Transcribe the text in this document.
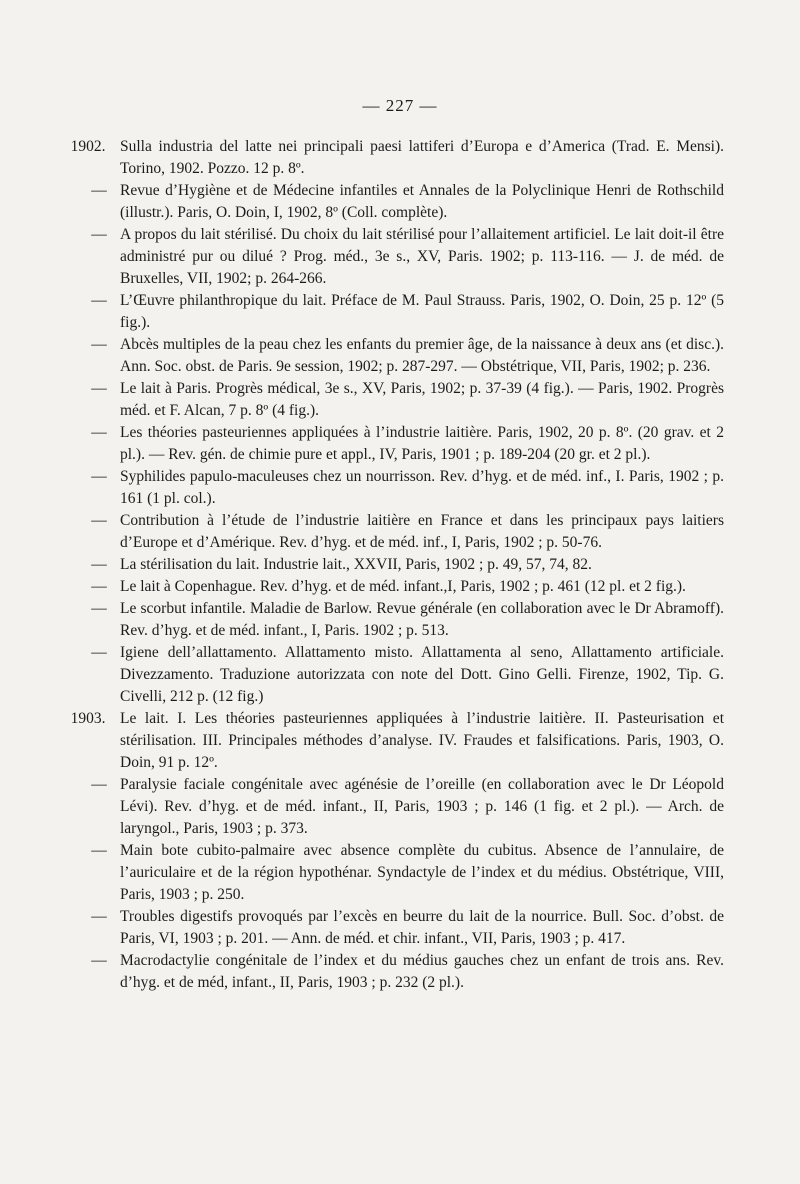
— 227 —
1902. Sulla industria del latte nei principali paesi lattiferi d’Europa e d’America (Trad. E. Mensi). Torino, 1902. Pozzo. 12 p. 8º.
— Revue d’Hygiène et de Médecine infantiles et Annales de la Polyclinique Henri de Rothschild (illustr.). Paris, O. Doin, I, 1902, 8º (Coll. complète).
— A propos du lait stérilisé. Du choix du lait stérilisé pour l’allaitement artificiel. Le lait doit-il être administré pur ou dilué ? Prog. méd., 3e s., XV, Paris. 1902; p. 113-116. — J. de méd. de Bruxelles, VII, 1902; p. 264-266.
— L’Œuvre philanthropique du lait. Préface de M. Paul Strauss. Paris, 1902, O. Doin, 25 p. 12º (5 fig.).
— Abcès multiples de la peau chez les enfants du premier âge, de la naissance à deux ans (et disc.). Ann. Soc. obst. de Paris. 9e session, 1902; p. 287-297. — Obstétrique, VII, Paris, 1902; p. 236.
— Le lait à Paris. Progrès médical, 3e s., XV, Paris, 1902; p. 37-39 (4 fig.). — Paris, 1902. Progrès méd. et F. Alcan, 7 p. 8º (4 fig.).
— Les théories pasteuriennes appliquées à l’industrie laitière. Paris, 1902, 20 p. 8º. (20 grav. et 2 pl.). — Rev. gén. de chimie pure et appl., IV, Paris, 1901 ; p. 189-204 (20 gr. et 2 pl.).
— Syphilides papulo-maculeuses chez un nourrisson. Rev. d’hyg. et de méd. inf., I. Paris, 1902 ; p. 161 (1 pl. col.).
— Contribution à l’étude de l’industrie laitière en France et dans les principaux pays laitiers d’Europe et d’Amérique. Rev. d’hyg. et de méd. inf., I, Paris, 1902 ; p. 50-76.
— La stérilisation du lait. Industrie lait., XXVII, Paris, 1902 ; p. 49, 57, 74, 82.
— Le lait à Copenhague. Rev. d’hyg. et de méd. infant.,I, Paris, 1902 ; p. 461 (12 pl. et 2 fig.).
— Le scorbut infantile. Maladie de Barlow. Revue générale (en collaboration avec le Dr Abramoff). Rev. d’hyg. et de méd. infant., I, Paris. 1902 ; p. 513.
— Igiene dell’allattamento. Allattamento misto. Allattamenta al seno, Allattamento artificiale. Divezzamento. Traduzione autorizzata con note del Dott. Gino Gelli. Firenze, 1902, Tip. G. Civelli, 212 p. (12 fig.)
1903. Le lait. I. Les théories pasteuriennes appliquées à l’industrie laitière. II. Pasteurisation et stérilisation. III. Principales méthodes d’analyse. IV. Fraudes et falsifications. Paris, 1903, O. Doin, 91 p. 12º.
— Paralysie faciale congénitale avec agénésie de l’oreille (en collaboration avec le Dr Léopold Lévi). Rev. d’hyg. et de méd. infant., II, Paris, 1903 ; p. 146 (1 fig. et 2 pl.). — Arch. de laryngol., Paris, 1903 ; p. 373.
— Main bote cubito-palmaire avec absence complète du cubitus. Absence de l’annulaire, de l’auriculaire et de la région hypothénar. Syndactyle de l’index et du médius. Obstétrique, VIII, Paris, 1903 ; p. 250.
— Troubles digestifs provoqués par l’excès en beurre du lait de la nourrice. Bull. Soc. d’obst. de Paris, VI, 1903 ; p. 201. — Ann. de méd. et chir. infant., VII, Paris, 1903 ; p. 417.
— Macrodactylie congénitale de l’index et du médius gauches chez un enfant de trois ans. Rev. d’hyg. et de méd, infant., II, Paris, 1903 ; p. 232 (2 pl.).
